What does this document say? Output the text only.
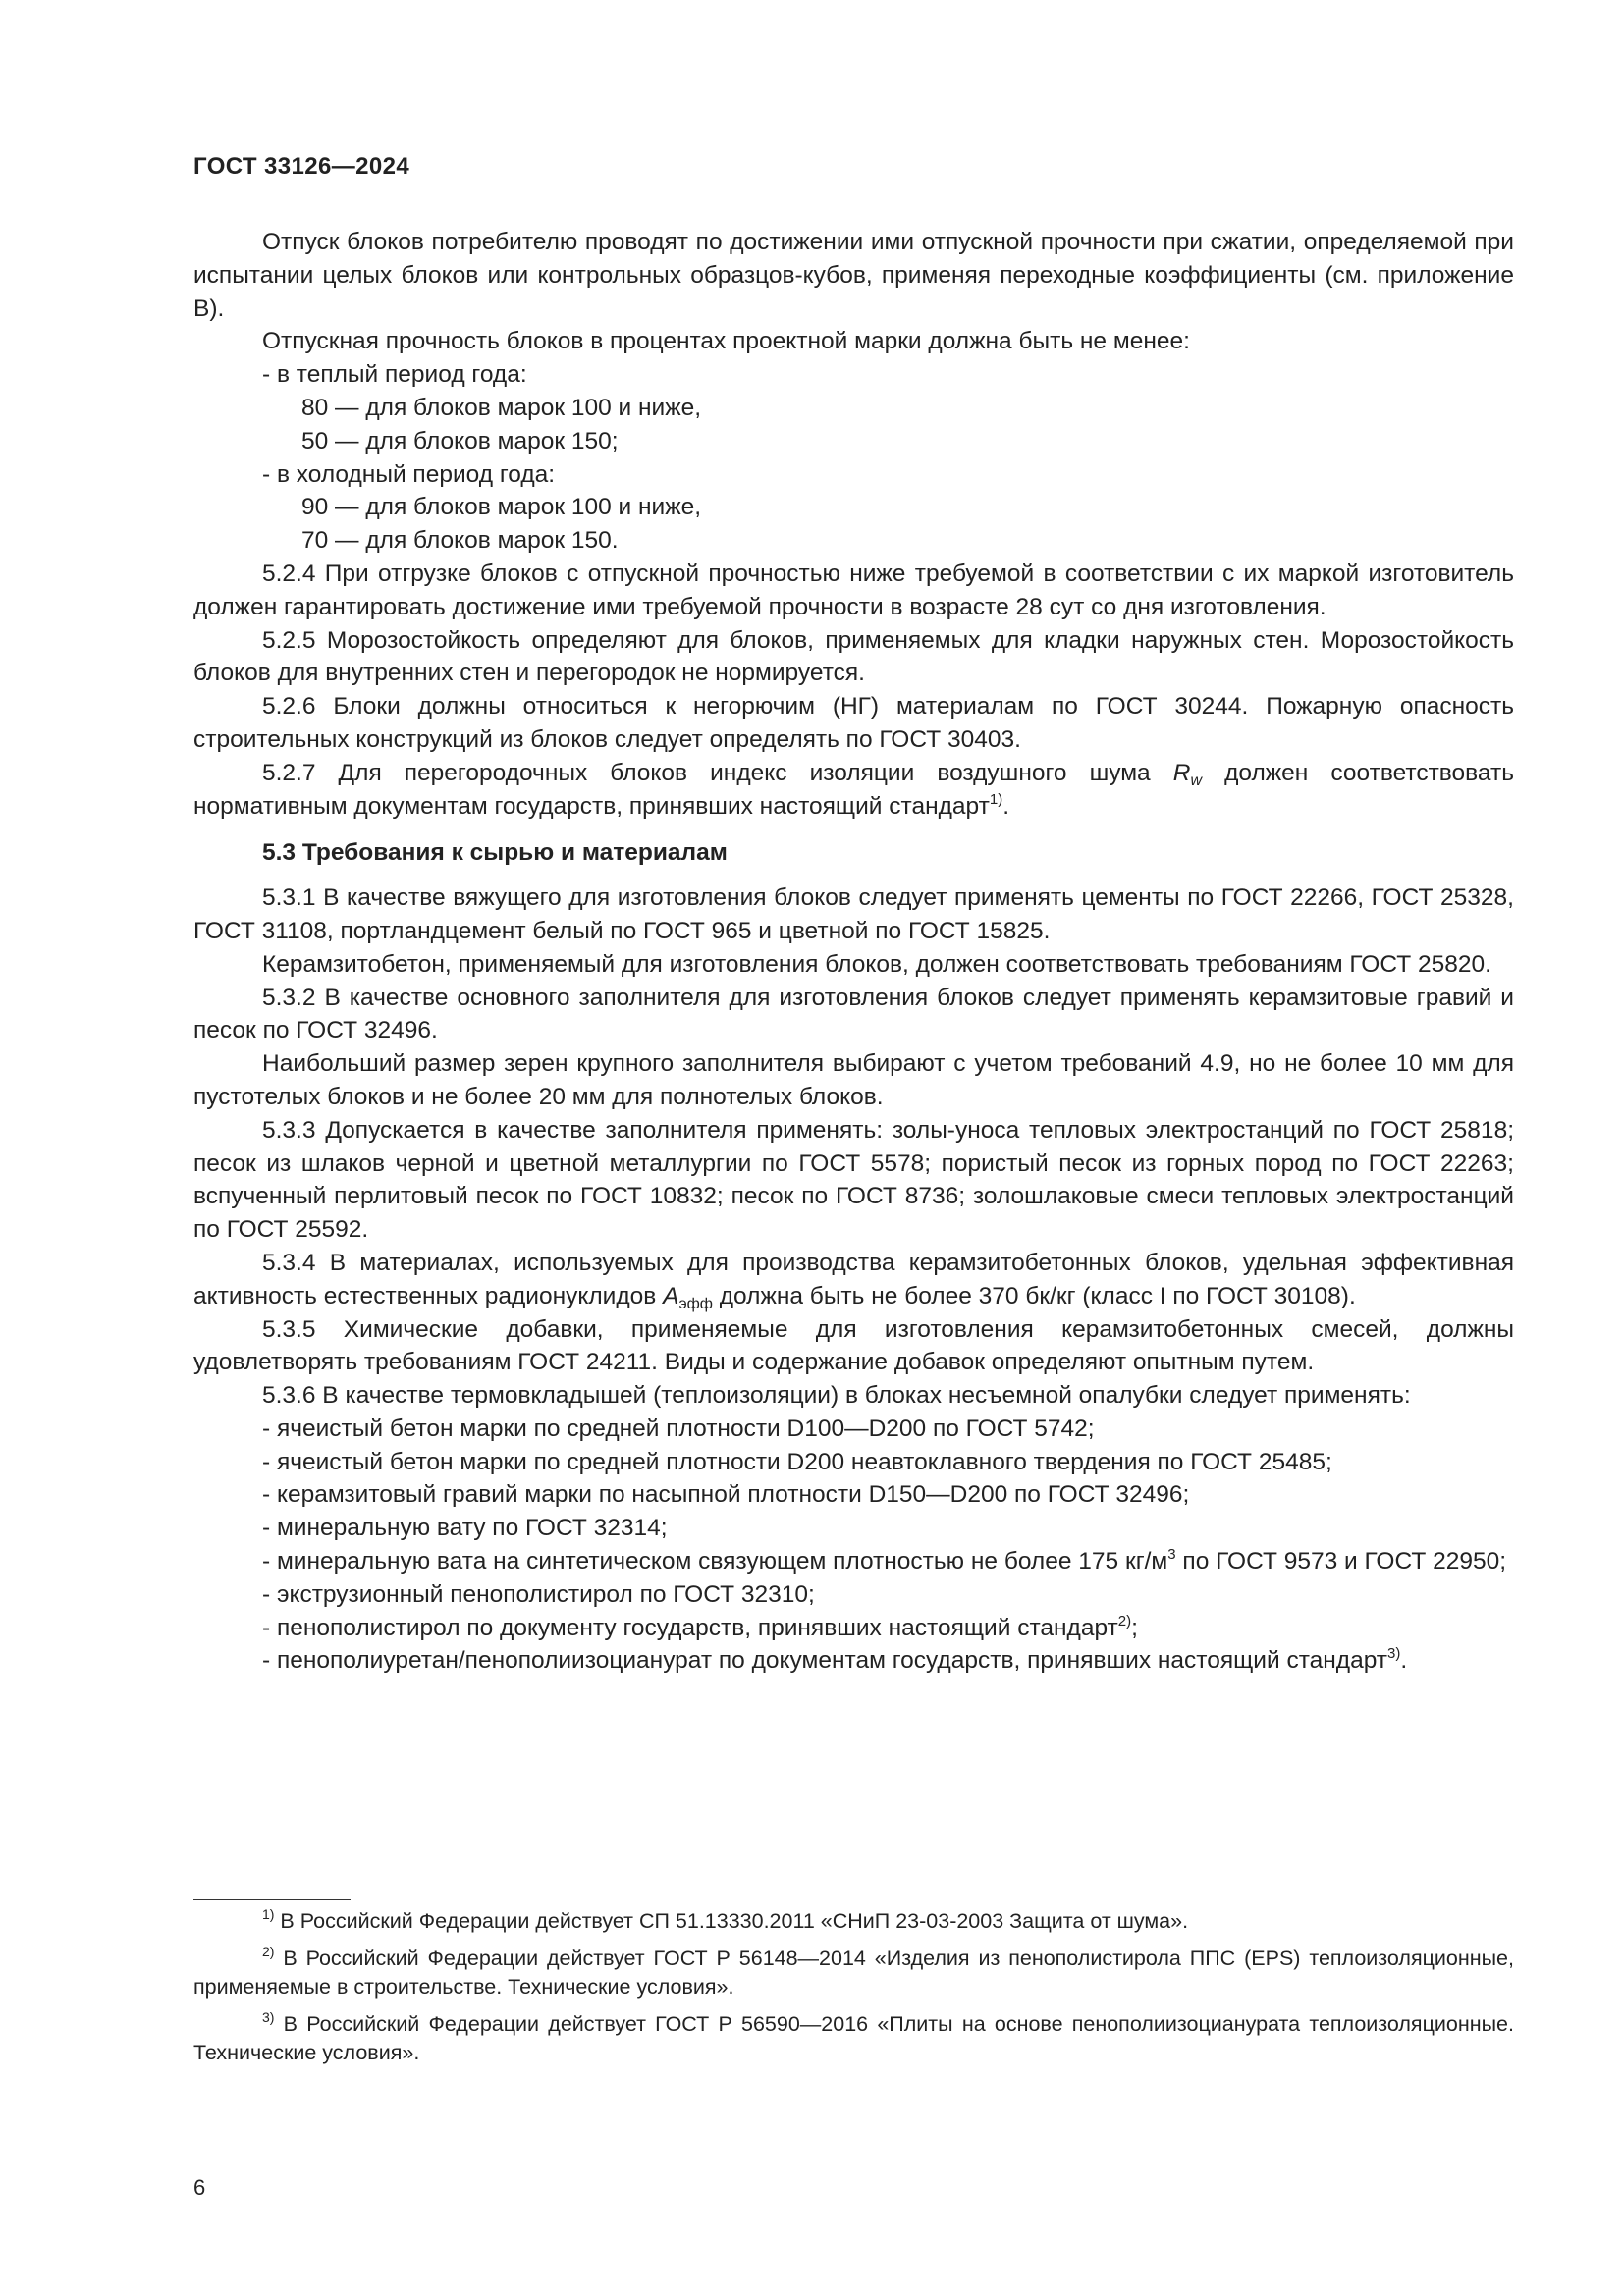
ГОСТ 33126—2024

Отпуск блоков потребителю проводят по достижении ими отпускной прочности при сжатии, определяемой при испытании целых блоков или контрольных образцов-кубов, применяя переходные коэффициенты (см. приложение В).

Отпускная прочность блоков в процентах проектной марки должна быть не менее:

- в теплый период года:
80 — для блоков марок 100 и ниже,
50 — для блоков марок 150;
- в холодный период года:
90 — для блоков марок 100 и ниже,
70 — для блоков марок 150.

5.2.4 При отгрузке блоков с отпускной прочностью ниже требуемой в соответствии с их маркой изготовитель должен гарантировать достижение ими требуемой прочности в возрасте 28 сут со дня изготовления.

5.2.5 Морозостойкость определяют для блоков, применяемых для кладки наружных стен. Морозостойкость блоков для внутренних стен и перегородок не нормируется.

5.2.6 Блоки должны относиться к негорючим (НГ) материалам по ГОСТ 30244. Пожарную опасность строительных конструкций из блоков следует определять по ГОСТ 30403.

5.2.7 Для перегородочных блоков индекс изоляции воздушного шума $R_w$ должен соответствовать нормативным документам государств, принявших настоящий стандарт$^{1)}$.

5.3 Требования к сырью и материалам

5.3.1 В качестве вяжущего для изготовления блоков следует применять цементы по ГОСТ 22266, ГОСТ 25328, ГОСТ 31108, портландцемент белый по ГОСТ 965 и цветной по ГОСТ 15825.

Керамзитобетон, применяемый для изготовления блоков, должен соответствовать требованиям ГОСТ 25820.

5.3.2 В качестве основного заполнителя для изготовления блоков следует применять керамзитовые гравий и песок по ГОСТ 32496.

Наибольший размер зерен крупного заполнителя выбирают с учетом требований 4.9, но не более 10 мм для пустотелых блоков и не более 20 мм для полнотелых блоков.

5.3.3 Допускается в качестве заполнителя применять: золы-уноса тепловых электростанций по ГОСТ 25818; песок из шлаков черной и цветной металлургии по ГОСТ 5578; пористый песок из горных пород по ГОСТ 22263; вспученный перлитовый песок по ГОСТ 10832; песок по ГОСТ 8736; золошлаковые смеси тепловых электростанций по ГОСТ 25592.

5.3.4 В материалах, используемых для производства керамзитобетонных блоков, удельная эффективная активность естественных радионуклидов $A_{эфф}$ должна быть не более 370 бк/кг (класс I по ГОСТ 30108).

5.3.5 Химические добавки, применяемые для изготовления керамзитобетонных смесей, должны удовлетворять требованиям ГОСТ 24211. Виды и содержание добавок определяют опытным путем.

5.3.6 В качестве термовкладышей (теплоизоляции) в блоках несъемной опалубки следует применять:

- ячеистый бетон марки по средней плотности D100—D200 по ГОСТ 5742;
- ячеистый бетон марки по средней плотности D200 неавтоклавного твердения по ГОСТ 25485;
- керамзитовый гравий марки по насыпной плотности D150—D200 по ГОСТ 32496;
- минеральную вату по ГОСТ 32314;

- минеральную вата на синтетическом связующем плотностью не более 175 $кг/м^3$ по ГОСТ 9573 и ГОСТ 22950;

- экструзионный пенополистирол по ГОСТ 32310;
- пенополистирол по документу государств, принявших настоящий стандарт$^{2)}$;

- пенополиуретан/пенополиизоцианурат по документам государств, принявших настоящий стандарт$^{3)}$.

$^{1)}$ В Российский Федерации действует СП 51.13330.2011 «СНиП 23-03-2003 Защита от шума».

$^{2)}$ В Российский Федерации действует ГОСТ Р 56148—2014 «Изделия из пенополистирола ППС (EPS) теплоизоляционные, применяемые в строительстве. Технические условия».

$^{3)}$ В Российский Федерации действует ГОСТ Р 56590—2016 «Плиты на основе пенополиизоцианурата теплоизоляционные. Технические условия».

6
